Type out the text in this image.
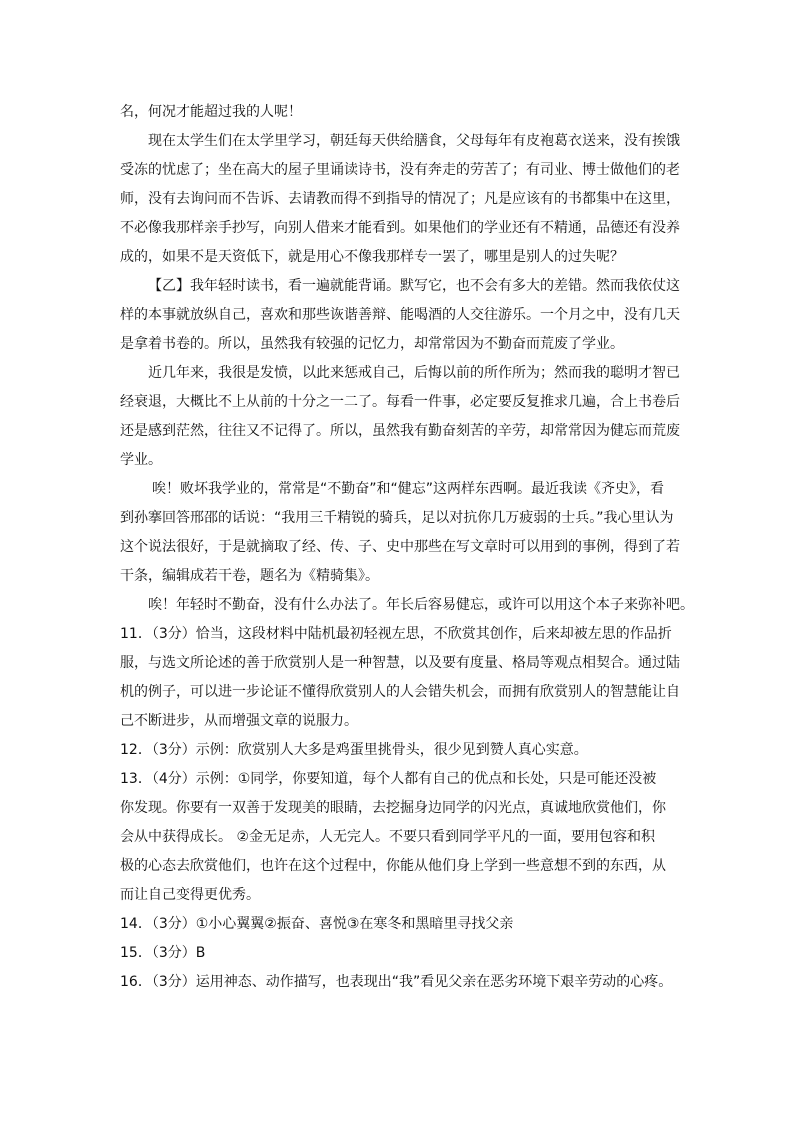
名，何况才能超过我的人呢！

现在太学生们在太学里学习，朝廷每天供给膳食，父母每年有皮袍葛衣送来，没有挨饿

受冻的忧虑了；坐在高大的屋子里诵读诗书，没有奔走的劳苦了；有司业、博士做他们的老

师，没有去询问而不告诉、去请教而得不到指导的情况了；凡是应该有的书都集中在这里，

不必像我那样亲手抄写，向别人借来才能看到。如果他们的学业还有不精通，品德还有没养

成的，如果不是天资低下，就是用心不像我那样专一罢了，哪里是别人的过失呢？

【乙】我年轻时读书，看一遍就能背诵。默写它，也不会有多大的差错。然而我依仗这

样的本事就放纵自己，喜欢和那些诙谐善辩、能喝酒的人交往游乐。一个月之中，没有几天

是拿着书卷的。所以，虽然我有较强的记忆力，却常常因为不勤奋而荒废了学业。

近几年来，我很是发愤，以此来惩戒自己，后悔以前的所作所为；然而我的聪明才智已

经衰退，大概比不上从前的十分之一二了。每看一件事，必定要反复推求几遍，合上书卷后

还是感到茫然，往往又不记得了。所以，虽然我有勤奋刻苦的辛劳，却常常因为健忘而荒废

学业。

唉！败坏我学业的，常常是“不勤奋”和“健忘”这两样东西啊。最近我读《齐史》，看

到孙搴回答邢邵的话说：“我用三千精锐的骑兵，足以对抗你几万疲弱的士兵。”我心里认为

这个说法很好，于是就摘取了经、传、子、史中那些在写文章时可以用到的事例，得到了若

干条，编辑成若干卷，题名为《精骑集》。

唉！年轻时不勤奋，没有什么办法了。年长后容易健忘，或许可以用这个本子来弥补吧。

11．（3分）恰当，这段材料中陆机最初轻视左思，不欣赏其创作，后来却被左思的作品折

服，与选文所论述的善于欣赏别人是一种智慧，以及要有度量、格局等观点相契合。通过陆

机的例子，可以进一步论证不懂得欣赏别人的人会错失机会，而拥有欣赏别人的智慧能让自

己不断进步，从而增强文章的说服力。

12．（3分）示例：欣赏别人大多是鸡蛋里挑骨头，很少见到赞人真心实意。

13．（4分）示例：①同学，你要知道，每个人都有自己的优点和长处，只是可能还没被

你发现。你要有一双善于发现美的眼睛，去挖掘身边同学的闪光点，真诚地欣赏他们，你

会从中获得成长。 ②金无足赤，人无完人。不要只看到同学平凡的一面，要用包容和积

极的心态去欣赏他们，也许在这个过程中，你能从他们身上学到一些意想不到的东西，从

而让自己变得更优秀。

14．（3分）①小心翼翼②振奋、喜悦③在寒冬和黑暗里寻找父亲

15．（3分）B

16．（3分）运用神态、动作描写，也表现出“我”看见父亲在恶劣环境下艰辛劳动的心疼。
